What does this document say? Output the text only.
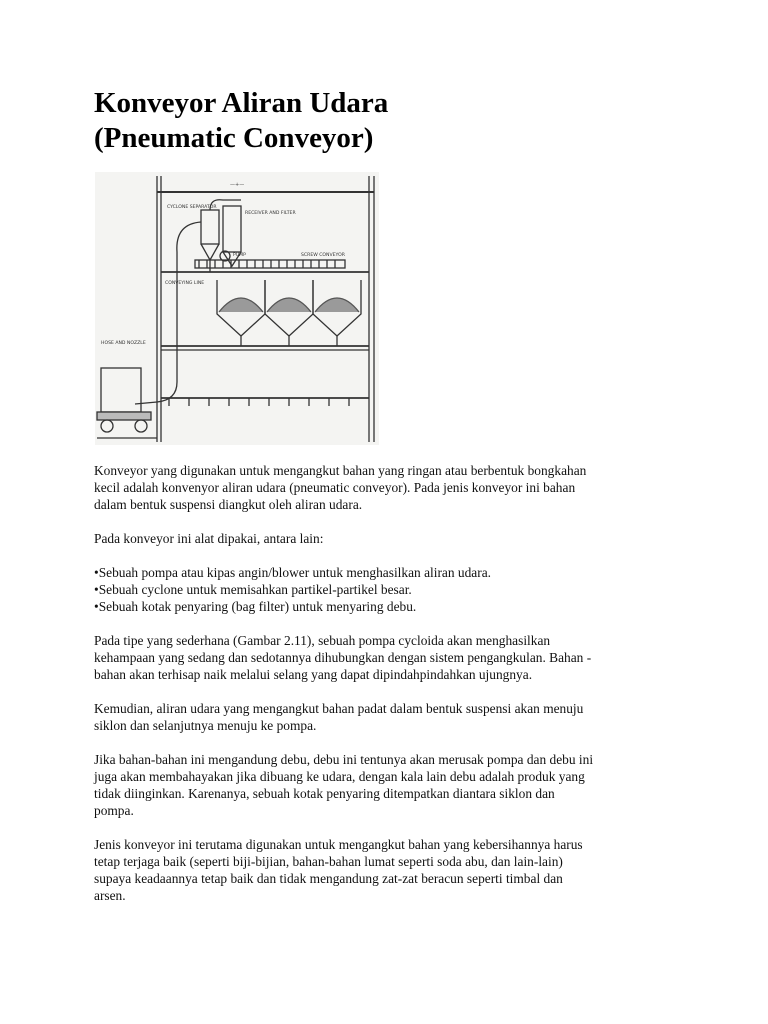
Konveyor Aliran Udara
(Pneumatic Conveyor)
—+—
CYCLONE SEPARATOR
RECEIVER AND FILTER
PUMP	SCREW CONVEYOR
CONVEYING LINE
HOSE AND NOZZLE

Konveyor yang digunakan untuk mengangkut bahan yang ringan atau berbentuk bongkahan
kecil adalah konvenyor aliran udara (pneumatic conveyor). Pada jenis konveyor ini bahan
dalam bentuk suspensi diangkut oleh aliran udara.

Pada konveyor ini alat dipakai, antara lain:

•Sebuah pompa atau kipas angin/blower untuk menghasilkan aliran udara.
•Sebuah cyclone untuk memisahkan partikel-partikel besar.
•Sebuah kotak penyaring (bag filter) untuk menyaring debu.

Pada tipe yang sederhana (Gambar 2.11), sebuah pompa cycloida akan menghasilkan
kehampaan yang sedang dan sedotannya dihubungkan dengan sistem pengangkulan. Bahan -
bahan akan terhisap naik melalui selang yang dapat dipindahpindahkan ujungnya.

Kemudian, aliran udara yang mengangkut bahan padat dalam bentuk suspensi akan menuju
siklon dan selanjutnya menuju ke pompa.

Jika bahan-bahan ini mengandung debu, debu ini tentunya akan merusak pompa dan debu ini
juga akan membahayakan jika dibuang ke udara, dengan kala lain debu adalah produk yang
tidak diinginkan. Karenanya, sebuah kotak penyaring ditempatkan diantara siklon dan
pompa.

Jenis konveyor ini terutama digunakan untuk mengangkut bahan yang kebersihannya harus
tetap terjaga baik (seperti biji-bijian, bahan-bahan lumat seperti soda abu, dan lain-lain)
supaya keadaannya tetap baik dan tidak mengandung zat-zat beracun seperti timbal dan
arsen.
